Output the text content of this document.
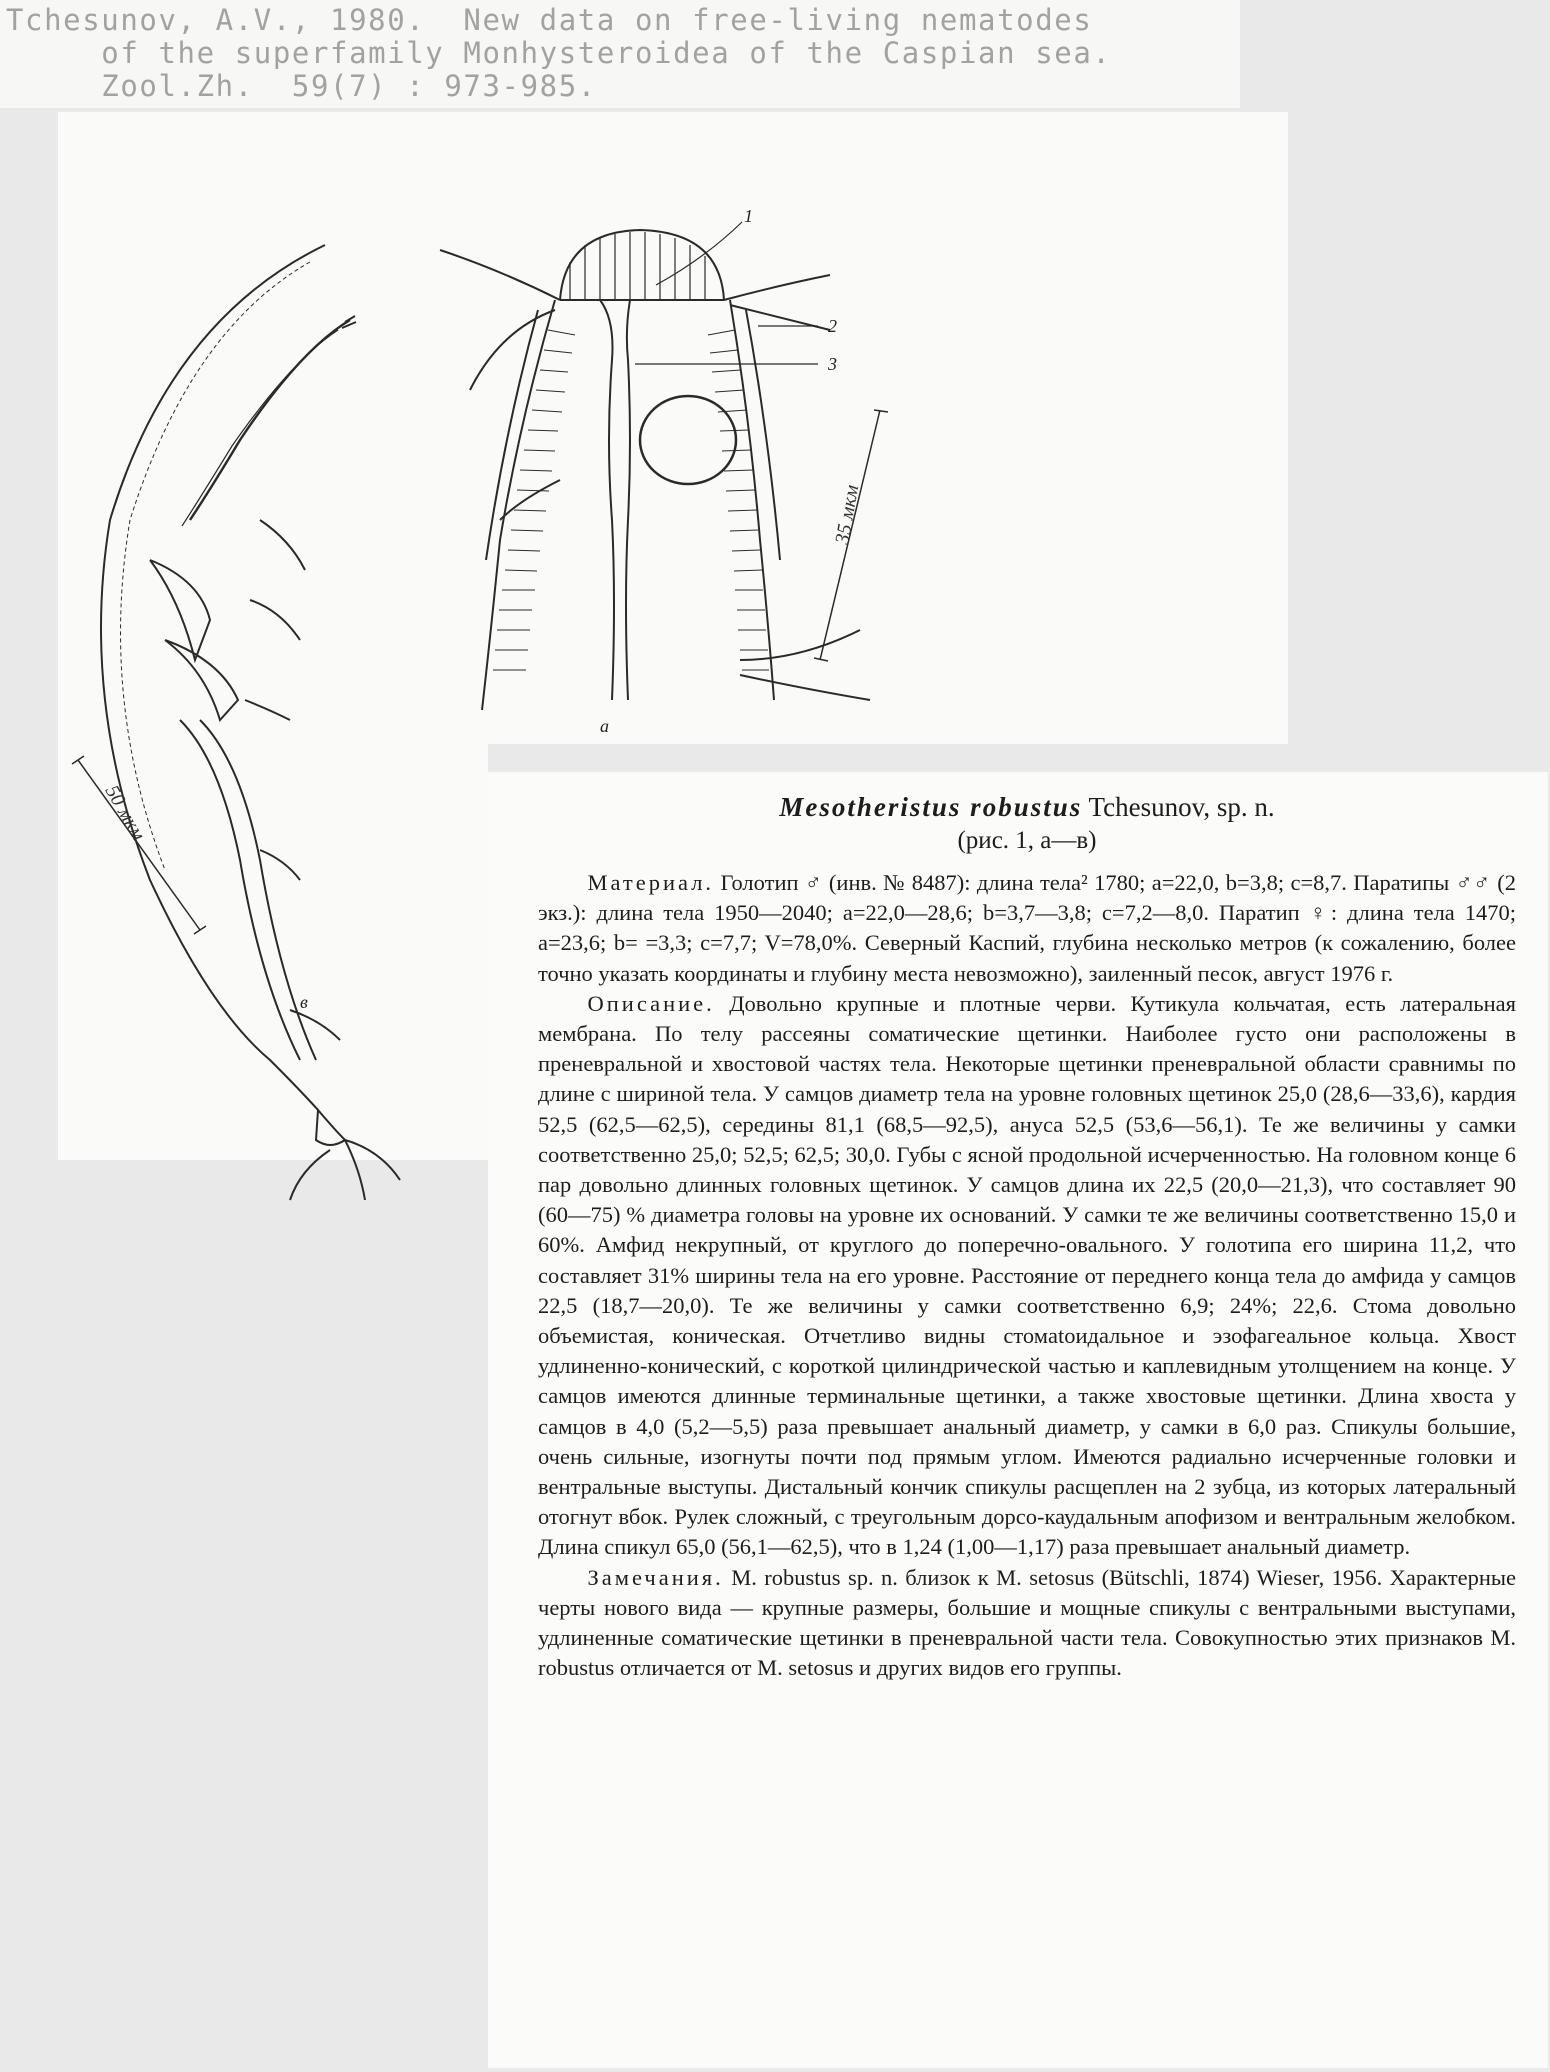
Tchesunov, A.V., 1980.  New data on free-living nematodes
of the superfamily Monhysteroidea of the Caspian sea.
Zool.Zh.  59(7) : 973-985.
1
2
3
35 мкм
а
50 мкм
в
Mesotheristus robustus Tchesunov, sp. n.
(рис. 1, а—в)

Материал. Голотип ♂ (инв. № 8487): длина тела² 1780; a=22,0, b=3,8; c=8,7. Паратипы ♂♂ (2 экз.): длина тела 1950—2040; a=22,0—28,6; b=3,7—3,8; c=7,2—8,0. Паратип ♀: длина тела 1470; a=23,6; b= =3,3; c=7,7; V=78,0%. Северный Каспий, глубина несколько метров (к сожалению, более точно указать координаты и глубину места невозможно), заиленный песок, август 1976 г.

Описание. Довольно крупные и плотные черви. Кутикула кольчатая, есть латеральная мембрана. По телу рассеяны соматические щетинки. Наиболее густо они расположены в преневральной и хвостовой частях тела. Некоторые щетинки преневральной области сравнимы по длине с шириной тела. У самцов диаметр тела на уровне головных щетинок 25,0 (28,6—33,6), кардия 52,5 (62,5—62,5), середины 81,1 (68,5—92,5), ануса 52,5 (53,6—56,1). Те же величины у самки соответственно 25,0; 52,5; 62,5; 30,0. Губы с ясной продольной исчерченностью. На головном конце 6 пар довольно длинных головных щетинок. У самцов длина их 22,5 (20,0—21,3), что составляет 90 (60—75) % диаметра головы на уровне их оснований. У самки те же величины соответственно 15,0 и 60%. Амфид некрупный, от круглого до поперечно-овального. У голотипа его ширина 11,2, что составляет 31% ширины тела на его уровне. Расстояние от переднего конца тела до амфида у самцов 22,5 (18,7—20,0). Те же величины у самки соответственно 6,9; 24%; 22,6. Стома довольно объемистая, коническая. Отчетливо видны стомatoидальное и эзофагеальное кольца. Хвост удлиненно-конический, с короткой цилиндрической частью и каплевидным утолщением на конце. У самцов имеются длинные терминальные щетинки, а также хвостовые щетинки. Длина хвоста у самцов в 4,0 (5,2—5,5) раза превышает анальный диаметр, у самки в 6,0 раз. Спикулы большие, очень сильные, изогнуты почти под прямым углом. Имеются радиально исчерченные головки и вентральные выступы. Дистальный кончик спикулы расщеплен на 2 зубца, из которых латеральный отогнут вбок. Рулек сложный, с треугольным дорсо-каудальным апофизом и вентральным желобком. Длина спикул 65,0 (56,1—62,5), что в 1,24 (1,00—1,17) раза превышает анальный диаметр.

Замечания. M. robustus sp. n. близок к M. setosus (Bütschli, 1874) Wieser, 1956. Характерные черты нового вида — крупные размеры, большие и мощные спикулы с вентральными выступами, удлиненные соматические щетинки в преневральной части тела. Совокупностью этих признаков M. robustus отличается от M. setosus и других видов его группы.
